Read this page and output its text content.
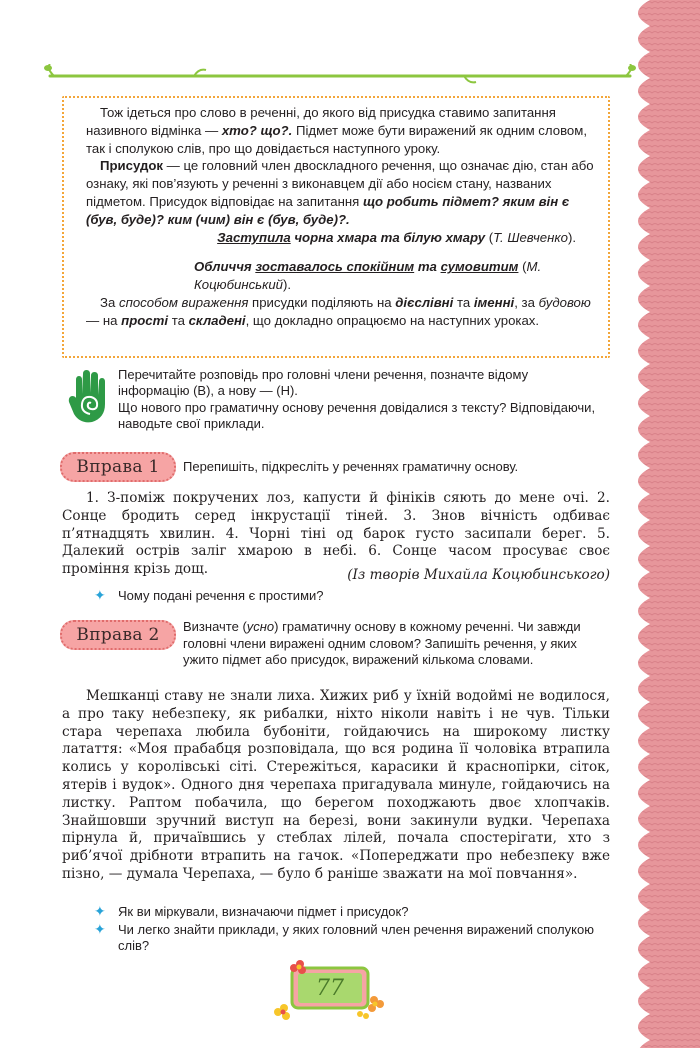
Тож ідеться про слово в реченні, до якого від присудка ставимо запитання називного відмінка — хто? що?. Підмет може бути виражений як одним словом, так і сполукою слів, про що довідається наступного уроку.

Присудок — це головний член двоскладного речення, що означає дію, стан або ознаку, які пов’язують у реченні з виконавцем дії або носієм стану, названих підметом. Присудок відповідає на запитання що робить підмет? яким він є (був, буде)? ким (чим) він є (був, буде)?.

Заступила чорна хмара та білую хмару (Т. Шевченко).

Обличчя зоставалось спокійним та сумовитим (М. Коцюбинський).

За способом вираження присудки поділяють на дієслівні та іменні, за будовою — на прості та складені, що докладно опрацюємо на наступних уроках.

Перечитайте розповідь про головні члени речення, позначте відому інформацію (В), а нову — (Н).

Що нового про граматичну основу речення довідалися з тексту? Відповідаючи, наводьте свої приклади.

Вправа 1	Перепишіть, підкресліть у реченнях граматичну основу.
1. З-поміж покручених лоз, капусти й фініків сяють до мене очі. 2. Сонце бродить серед інкрустації тіней. 3. Знов вічність одбиває п’ятнадцять хвилин. 4. Чорні тіні од барок густо засипали берег. 5. Далекий острів заліг хмарою в небі. 6. Сонце часом просуває своє проміння крізь дощ.	(Із творів Михайла Коцюбинського)
✦ Чому подані речення є простими?
Вправа 2	Визначте (усно) граматичну основу в кожному реченні. Чи завжди головні члени виражені одним словом? Запишіть речення, у яких ужито підмет або присудок, виражений кількома словами.
Мешканці ставу не знали лиха. Хижих риб у їхній водоймі не водилося, а про таку небезпеку, як рибалки, ніхто ніколи навіть і не чув. Тільки стара черепаха любила бубоніти, гойдаючись на широкому листку латаття: «Моя прабабця розповідала, що вся родина її чоловіка втрапила колись у королівські сіті. Стережіться, карасики й краснопірки, сіток, ятерів і вудок». Одного дня черепаха пригадувала минуле, гойдаючись на листку. Раптом побачила, що берегом походжають двоє хлопчаків. Знайшовши зручний виступ на березі, вони закинули вудки. Черепаха пірнула й, причаївшись у стеблах лілей, почала спостерігати, хто з риб’ячої дрібноти втрапить на гачок. «Попереджати про небезпеку вже пізно, — думала Черепаха, — було б раніше зважати на мої повчання».
✦ Як ви міркували, визначаючи підмет і присудок?
✦ Чи легко знайти приклади, у яких головний член речення виражений сполукою слів?
77
